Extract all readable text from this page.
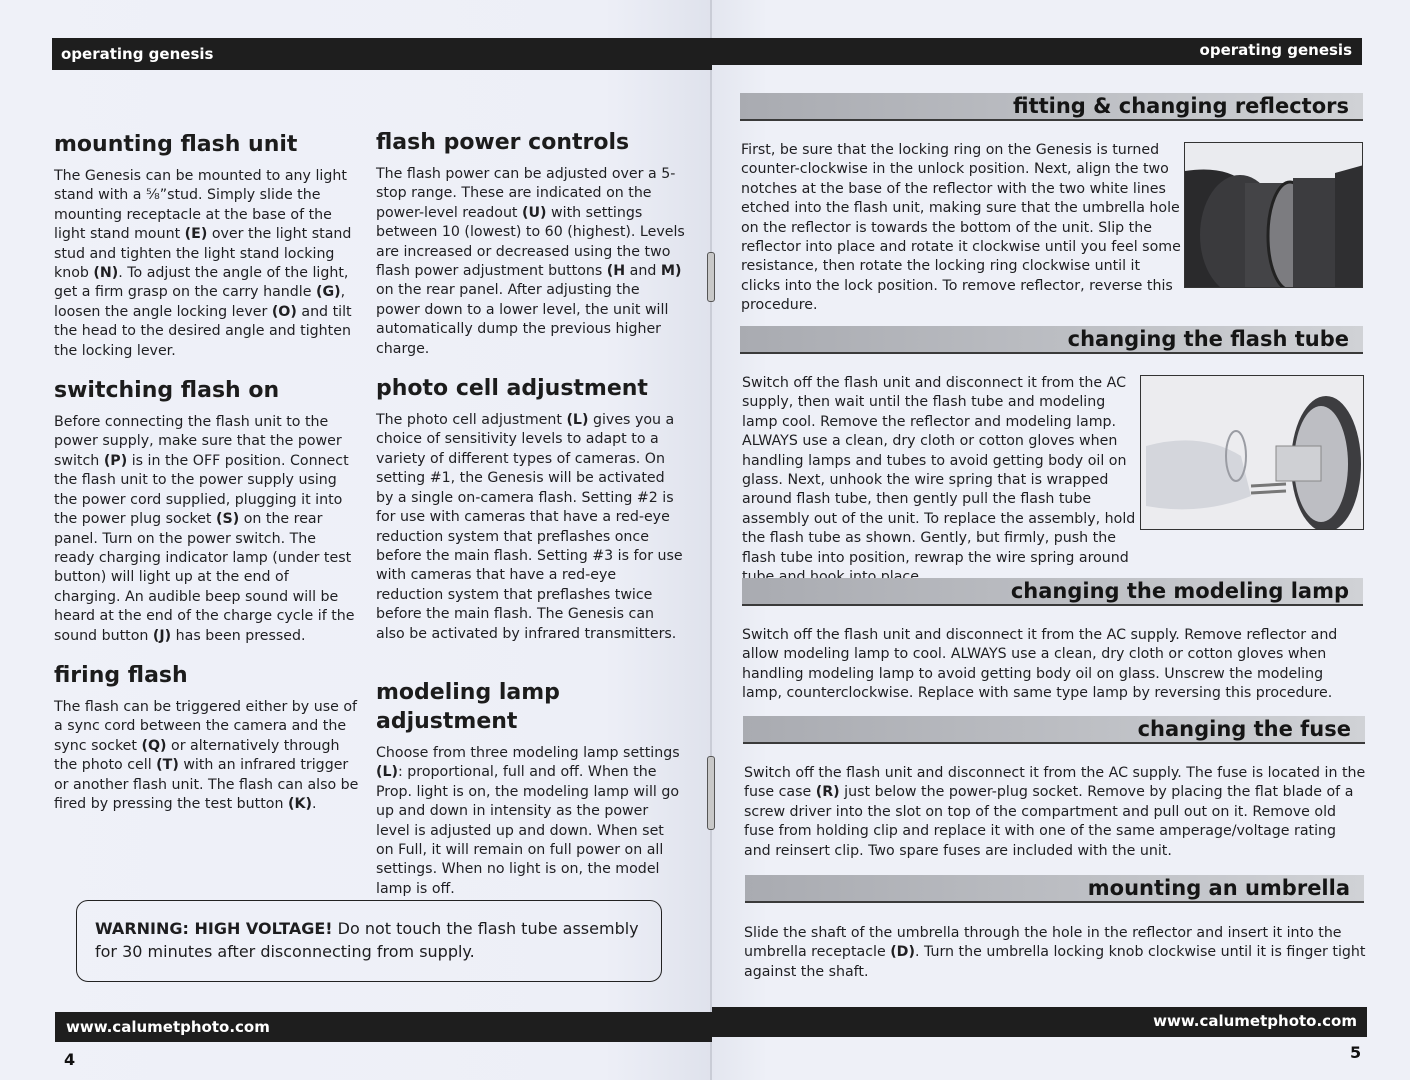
operating genesis	operating genesis
mounting flash unit

The Genesis can be mounted to any light stand with a ⅝”stud. Simply slide the mounting receptacle at the base of the light stand mount (E) over the light stand stud and tighten the light stand locking knob (N). To adjust the angle of the light, get a firm grasp on the carry handle (G), loosen the angle locking lever (O) and tilt the head to the desired angle and tighten the locking lever.

switching flash on

Before connecting the flash unit to the power supply, make sure that the power switch (P) is in the OFF position. Connect the flash unit to the power supply using the power cord supplied, plugging it into the power plug socket (S) on the rear panel. Turn on the power switch. The ready charging indicator lamp (under test button) will light up at the end of charging. An audible beep sound will be heard at the end of the charge cycle if the sound button (J) has been pressed.

firing flash

The flash can be triggered either by use of a sync cord between the camera and the sync socket (Q) or alternatively through the photo cell (T) with an infrared trigger or another flash unit. The flash can also be fired by pressing the test button (K).

flash power controls

The flash power can be adjusted over a 5-stop range. These are indicated on the power-level readout (U) with settings between 10 (lowest) to 60 (highest). Levels are increased or decreased using the two flash power adjustment buttons (H and M) on the rear panel. After adjusting the power down to a lower level, the unit will automatically dump the previous higher charge.

photo cell adjustment

The photo cell adjustment (L) gives you a choice of sensitivity levels to adapt to a variety of different types of cameras. On setting #1, the Genesis will be activated by a single on-camera flash. Setting #2 is for use with cameras that have a red-eye reduction system that preflashes once before the main flash. Setting #3 is for use with cameras that have a red-eye reduction system that preflashes twice before the main flash. The Genesis can also be activated by infrared transmitters.

modeling lamp adjustment

Choose from three modeling lamp settings (L): proportional, full and off. When the Prop. light is on, the modeling lamp will go up and down in intensity as the power level is adjusted up and down. When set on Full, it will remain on full power on all settings. When no light is on, the model lamp is off.

WARNING: HIGH VOLTAGE! Do not touch the flash tube assembly for 30 minutes after disconnecting from supply.
fitting & changing reflectors

First, be sure that the locking ring on the Genesis is turned counter-clockwise in the unlock position. Next, align the two notches at the base of the reflector with the two white lines etched into the flash unit, making sure that the umbrella hole on the reflector is towards the bottom of the unit. Slip the reflector into place and rotate it clockwise until you feel some resistance, then rotate the locking ring clockwise until it clicks into the lock position. To remove reflector, reverse this procedure.

changing the flash tube

Switch off the flash unit and disconnect it from the AC supply, then wait until the flash tube and modeling lamp cool. Remove the reflector and modeling lamp. ALWAYS use a clean, dry cloth or cotton gloves when handling lamps and tubes to avoid getting body oil on glass. Next, unhook the wire spring that is wrapped around flash tube, then gently pull the flash tube assembly out of the unit. To replace the assembly, hold the flash tube as shown. Gently, but firmly, push the flash tube into position, rewrap the wire spring around

changing the modeling lamp

Switch off the flash unit and disconnect it from the AC supply. Remove reflector and allow modeling lamp to cool. ALWAYS use a clean, dry cloth or cotton gloves when handling modeling lamp to avoid getting body oil on glass. Unscrew the modeling lamp, counterclockwise. Replace with same type lamp by reversing this procedure.

changing the fuse

Switch off the flash unit and disconnect it from the AC supply. The fuse is located in the fuse case (R) just below the power-plug socket. Remove by placing the flat blade of a screw driver into the slot on top of the compartment and pull out on it. Remove old fuse from holding clip and replace it with one of the same amperage/voltage rating and reinsert clip. Two spare fuses are included with the unit.

mounting an umbrella

Slide the shaft of the umbrella through the hole in the reflector and insert it into the umbrella receptacle (D). Turn the umbrella locking knob clockwise until it is finger tight against the shaft.

www.calumetphoto.com	www.calumetphoto.com
4	5
